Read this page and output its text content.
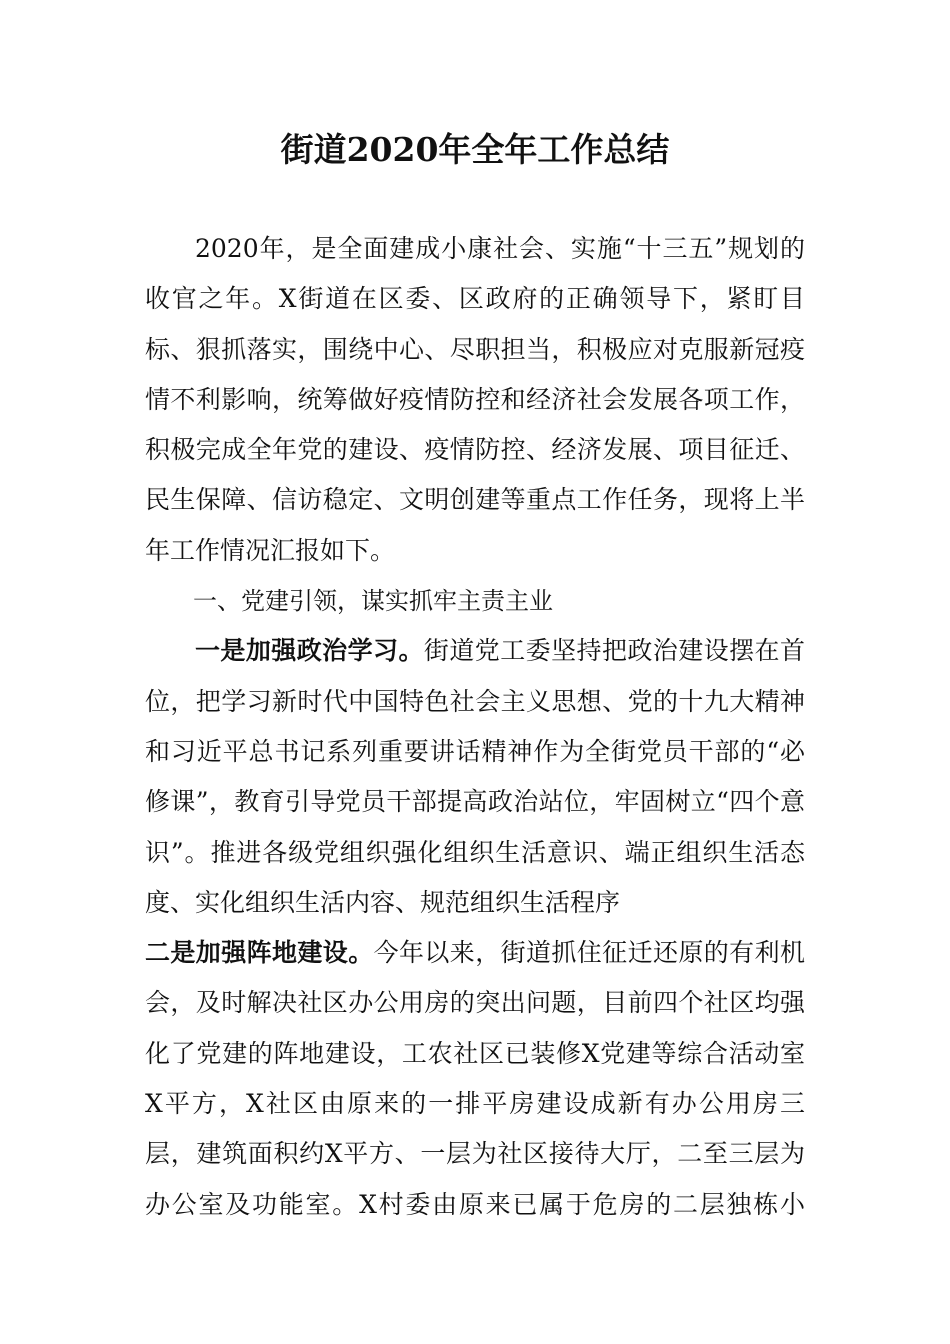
街道2020年全年工作总结

2020年，是全面建成小康社会、实施“十三五”规划的收官之年。X街道在区委、区政府的正确领导下，紧盯目标、狠抓落实，围绕中心、尽职担当，积极应对克服新冠疫情不利影响，统筹做好疫情防控和经济社会发展各项工作，积极完成全年党的建设、疫情防控、经济发展、项目征迁、民生保障、信访稳定、文明创建等重点工作任务，现将上半年工作情况汇报如下。

一、党建引领，谋实抓牢主责主业

一是加强政治学习。街道党工委坚持把政治建设摆在首位，把学习新时代中国特色社会主义思想、党的十九大精神和习近平总书记系列重要讲话精神作为全街党员干部的“必修课”，教育引导党员干部提高政治站位，牢固树立“四个意识”。推进各级党组织强化组织生活意识、端正组织生活态度、实化组织生活内容、规范组织生活程序

二是加强阵地建设。今年以来，街道抓住征迁还原的有利机会，及时解决社区办公用房的突出问题，目前四个社区均强化了党建的阵地建设，工农社区已装修X党建等综合活动室X平方，X社区由原来的一排平房建设成新有办公用房三层，建筑面积约X平方、一层为社区接待大厅，二至三层为办公室及功能室。X村委由原来已属于危房的二层独栋小
